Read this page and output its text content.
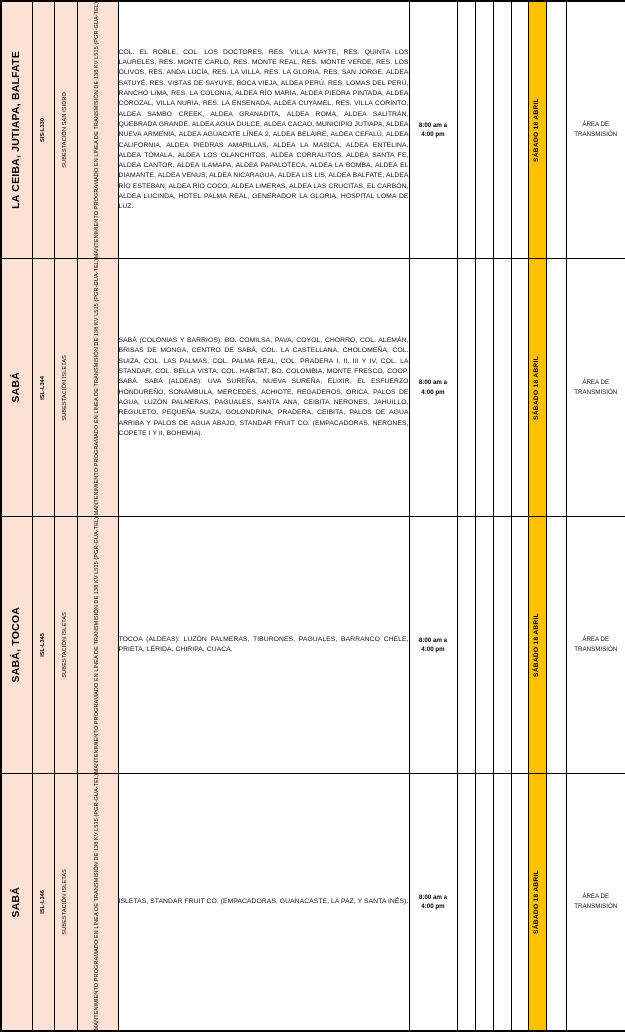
LA CEIBA, JUTIAPA, BALFATE	SIS-L330	SUBESTACIÓN SAN ISIDRO	MANTENIMIENTO PROGRAMADO EN LÍNEA DE TRANSMISIÓN DE 138 KV L515 (PGR-GUA-TEL)	COL. EL ROBLE, COL. LOS DOCTORES, RES. VILLA MAYTE, RES. QUINTA LOS LAURELES, RES. MONTE CARLO, RES. MONTE REAL, RES. MONTE VERDE, RES. LOS OLIVOS, RES. ANDA LUCÍA, RES. LA VILLA, RES. LA GLORIA, RES. SAN JORGE, ALDEA SATUYÉ, RES. VISTAS DE SAYUYE, BOCA VIEJA, ALDEA PERÚ, RES. LOMAS DEL PERÚ, RANCHO LIMA, RES. LA COLONIA, ALDEA RÍO MARIA, ALDEA PIEDRA PINTADA, ALDEA COROZAL, VILLA NURIA, RES. LA ENSENADA, ALDEA CUYAMEL, RES. VILLA CORINTO, ALDEA SAMBO CREEK, ALDEA GRANADITA, ALDEA ROMA, ALDEA SALITRÁN, QUEBRADA GRANDE, ALDEA AGUA DULCE, ALDEA CACAO, MUNICIPIO JUTIAPA, ALDEA NUEVA ARMENIA, ALDEA AGUACATE LÍNEA 2, ALDEA BELAIRE, ALDEA CEFALÚ, ALDEA CALIFORNIA, ALDEA PIEDRAS AMARILLAS, ALDEA LA MASICA, ALDEA ENTELINA, ALDEA TÓMALA, ALDEA LOS OLANCHITOS, ALDEA CORRALITOS, ALDEA SANTA FE, ALDEA CANTOR, ALDEA ILAMAPA, ALDEA PAPALOTECA, ALDEA LA BOMBA, ALDEA EL DIAMANTE, ALDEA VENUS, ALDEA NICARAGUA, ALDEA LIS LIS, ALDEA BALFATE, ALDEA RÍO ESTEBAN, ALDEA RÍO COCO, ALDEA LIMERAS, ALDEA LAS CRUCITAS, EL CARBÓN, ALDEA LUCINDA, HOTEL PALMA REAL, GENERADOR LA GLORIA, HOSPITAL LOMA DE LUZ.	8:00 am a
4:00 pm					SÁBADO 18 ABRIL		ÁREA DE
TRANSMISIÓN

SABÁ	ISL-L344	SUBESTACIÓN ISLETAS	MANTENIMIENTO PROGRAMADO EN LÍNEA DE TRANSMISIÓN DE 138 KV L515 (PGR-GUA-TEL)	SABÁ (COLONIAS Y BARRIOS): BO. COMILSA, PAVA, COYOL, CHORRO, COL. ALEMÁN, BRISAS DE MONGA, CENTRO DE SABÁ, COL. LA CASTELLANA, CHOLOMEÑA, COL. SUIZA, COL. LAS PALMAS, COL. PALMA REAL, COL. PRADERA I, II, III Y IV, COL. LA STANDAR, COL. BELLA VISTA, COL. HABITAT, BO. COLOMBIA, MONTE FRESCO, COOP. SABÁ. SABÁ (ALDEAS): UVA SUREÑA, NUEVA SUREÑA, ELIXIR, EL ESFUERZO HONDUREÑO, SONÁMBULA, MERCEDES, ACHIOTE, REGADEROS, ORICA, PALOS DE AGUA, LUZÓN PALMERAS, PAGUALES, SANTA ANA, CEIBITA NERONES, JAHUILLO, REGULETO, PEQUEÑA SUIZA, GOLONDRINA, PRADERA, CEIBITA, PALOS DE AGUA ARRIBA Y PALOS DE AGUA ABAJO, STANDAR FRUIT CO. (EMPACADORAS, NERONES, COPETE I Y II, BOHEMIA).	8:00 am a
4:00 pm					SÁBADO 18 ABRIL		ÁREA DE
TRANSMISIÓN

SABÁ, TOCOA	ISL-L345	SUBESTACIÓN ISLETAS	MANTENIMIENTO PROGRAMADO EN LÍNEA DE TRANSMISIÓN DE 138 KV L515 (PGR-GUA-TEL)	TOCOA (ALDEAS): LUZÓN PALMERAS, TIBURONES, PAGUALES, BARRANCO CHELE, PRIETA, LÉRIDA, CHIRIPA, CUACA.	8:00 am a
4:00 pm					SÁBADO 18 ABRIL		ÁREA DE
TRANSMISIÓN

SABÁ	ISL-L346	SUBESTACIÓN ISLETAS	MANTENIMIENTO PROGRAMADO EN LÍNEA DE TRANSMISIÓN DE 138 KV L515 (PGR-GUA-TEL)	ISLETAS, STANDAR FRUIT CO. (EMPACADORAS, GUANACASTE, LA PAZ, Y SANTA INÉS).	8:00 am a
4:00 pm					SÁBADO 18 ABRIL		ÁREA DE
TRANSMISIÓN
